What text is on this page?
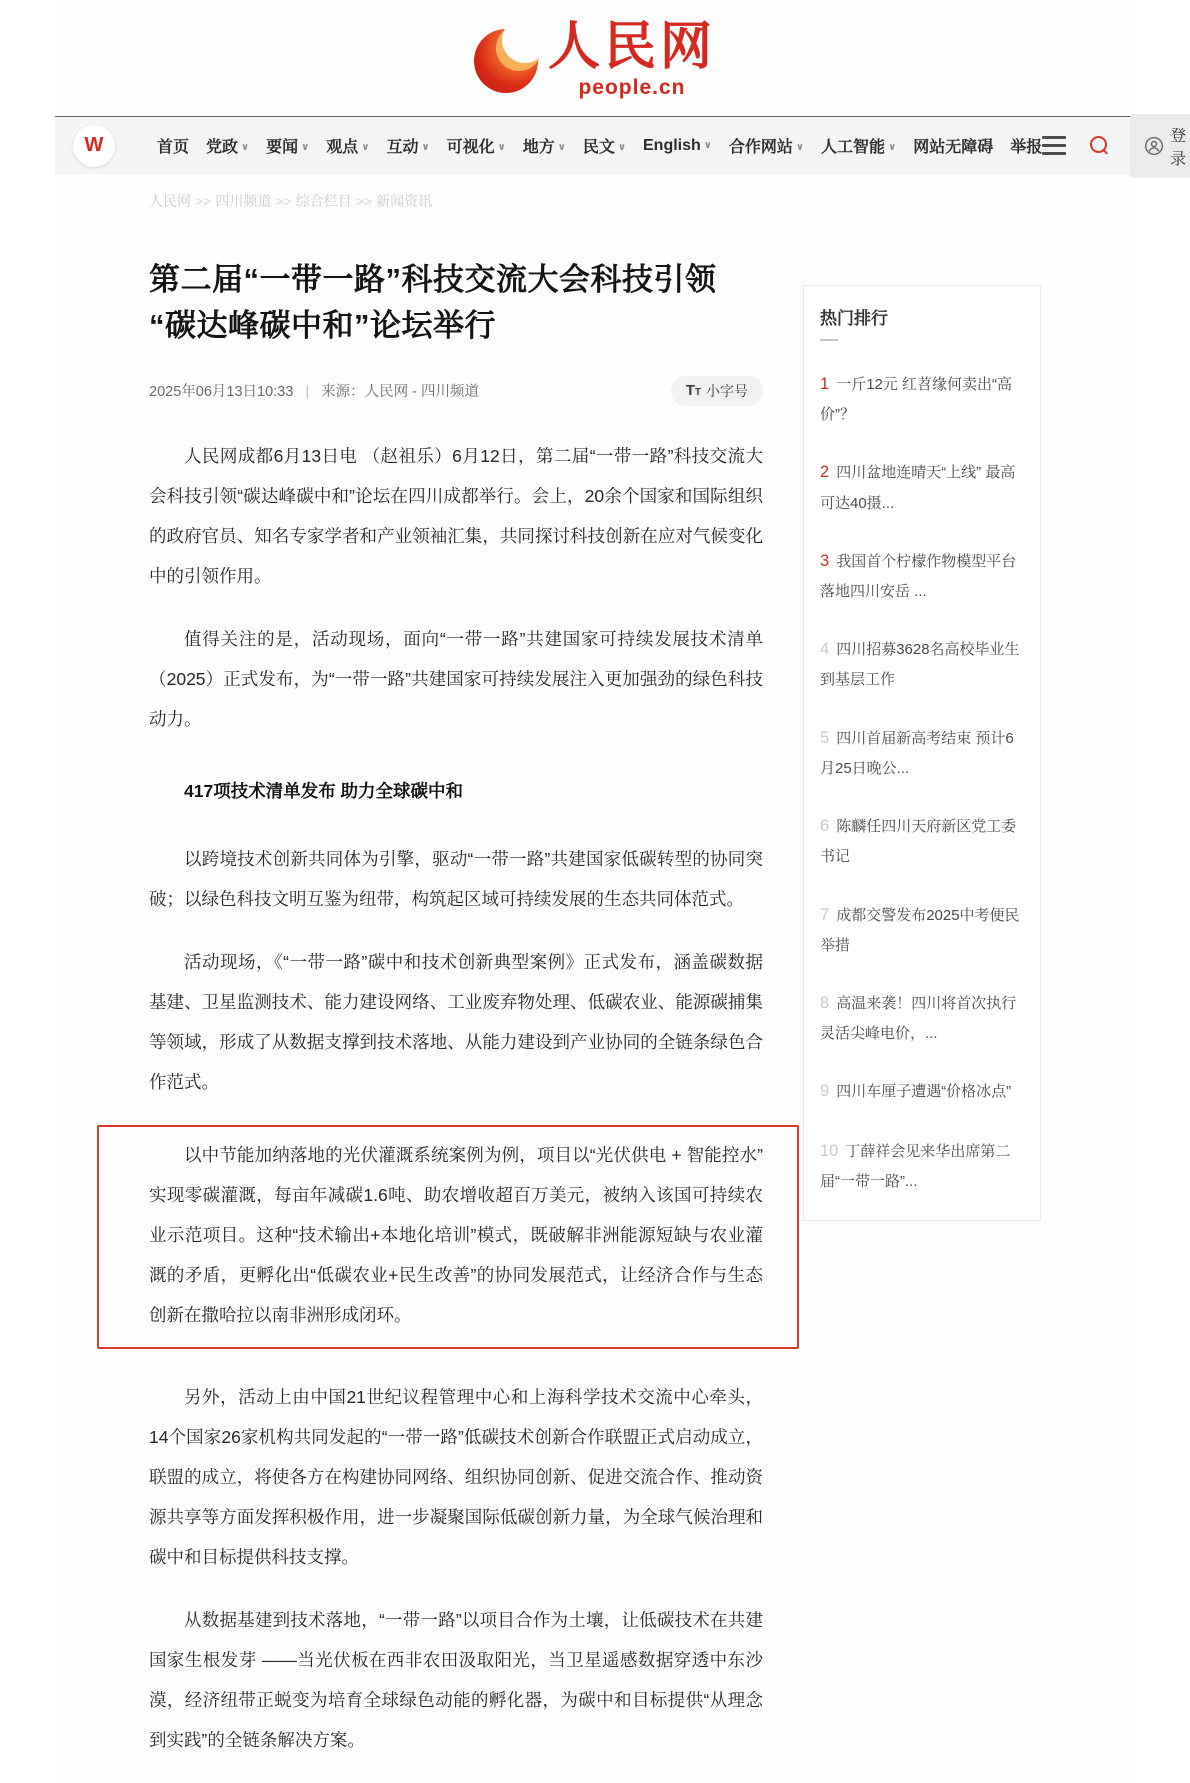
人民网
people.cn
W	首页 党政 ∨ 要闻 ∨ 观点 ∨ 互动 ∨ 可视化 ∨ 地方 ∨ 民文 ∨ English ∨ 合作网站 ∨ 人工智能 ∨ 网站无障碍 举报
登录
人民网 >> 四川频道 >> 综合栏目 >> 新闻资讯
第二届“一带一路”科技交流大会科技引领“碳达峰碳中和”论坛举行
2025年06月13日10:33 | 来源：人民网 - 四川频道	TT 小字号

人民网成都6月13日电 （赵祖乐）6月12日，第二届“一带一路”科技交流大会科技引领“碳达峰碳中和”论坛在四川成都举行。会上，20余个国家和国际组织的政府官员、知名专家学者和产业领袖汇集，共同探讨科技创新在应对气候变化中的引领作用。

值得关注的是，活动现场，面向“一带一路”共建国家可持续发展技术清单（2025）正式发布，为“一带一路”共建国家可持续发展注入更加强劲的绿色科技动力。

417项技术清单发布 助力全球碳中和

以跨境技术创新共同体为引擎，驱动“一带一路”共建国家低碳转型的协同突破；以绿色科技文明互鉴为纽带，构筑起区域可持续发展的生态共同体范式。

活动现场，《“一带一路”碳中和技术创新典型案例》正式发布，涵盖碳数据基建、卫星监测技术、能力建设网络、工业废弃物处理、低碳农业、能源碳捕集等领域，形成了从数据支撑到技术落地、从能力建设到产业协同的全链条绿色合作范式。

以中节能加纳落地的光伏灌溉系统案例为例，项目以“光伏供电 + 智能控水”实现零碳灌溉，每亩年减碳1.6吨、助农增收超百万美元，被纳入该国可持续农业示范项目。这种“技术输出+本地化培训”模式，既破解非洲能源短缺与农业灌溉的矛盾，更孵化出“低碳农业+民生改善”的协同发展范式，让经济合作与生态创新在撒哈拉以南非洲形成闭环。

另外，活动上由中国21世纪议程管理中心和上海科学技术交流中心牵头，14个国家26家机构共同发起的“一带一路”低碳技术创新合作联盟正式启动成立，联盟的成立，将使各方在构建协同网络、组织协同创新、促进交流合作、推动资源共享等方面发挥积极作用，进一步凝聚国际低碳创新力量，为全球气候治理和碳中和目标提供科技支撑。

从数据基建到技术落地，“一带一路”以项目合作为土壤，让低碳技术在共建国家生根发芽 ——当光伏板在西非农田汲取阳光，当卫星遥感数据穿透中东沙漠，经济纽带正蜕变为培育全球绿色动能的孵化器，为碳中和目标提供“从理念到实践”的全链条解决方案。

热门排行
1 一斤12元 红苕缘何卖出“高价”？
2 四川盆地连晴天“上线” 最高可达40摄...
3 我国首个柠檬作物模型平台落地四川安岳 ...
4 四川招募3628名高校毕业生到基层工作
5 四川首届新高考结束 预计6月25日晚公...
6 陈麟任四川天府新区党工委书记
7 成都交警发布2025中考便民举措
8 高温来袭！四川将首次执行灵活尖峰电价，...
9 四川车厘子遭遇“价格冰点”
10 丁薛祥会见来华出席第二届“一带一路”...
